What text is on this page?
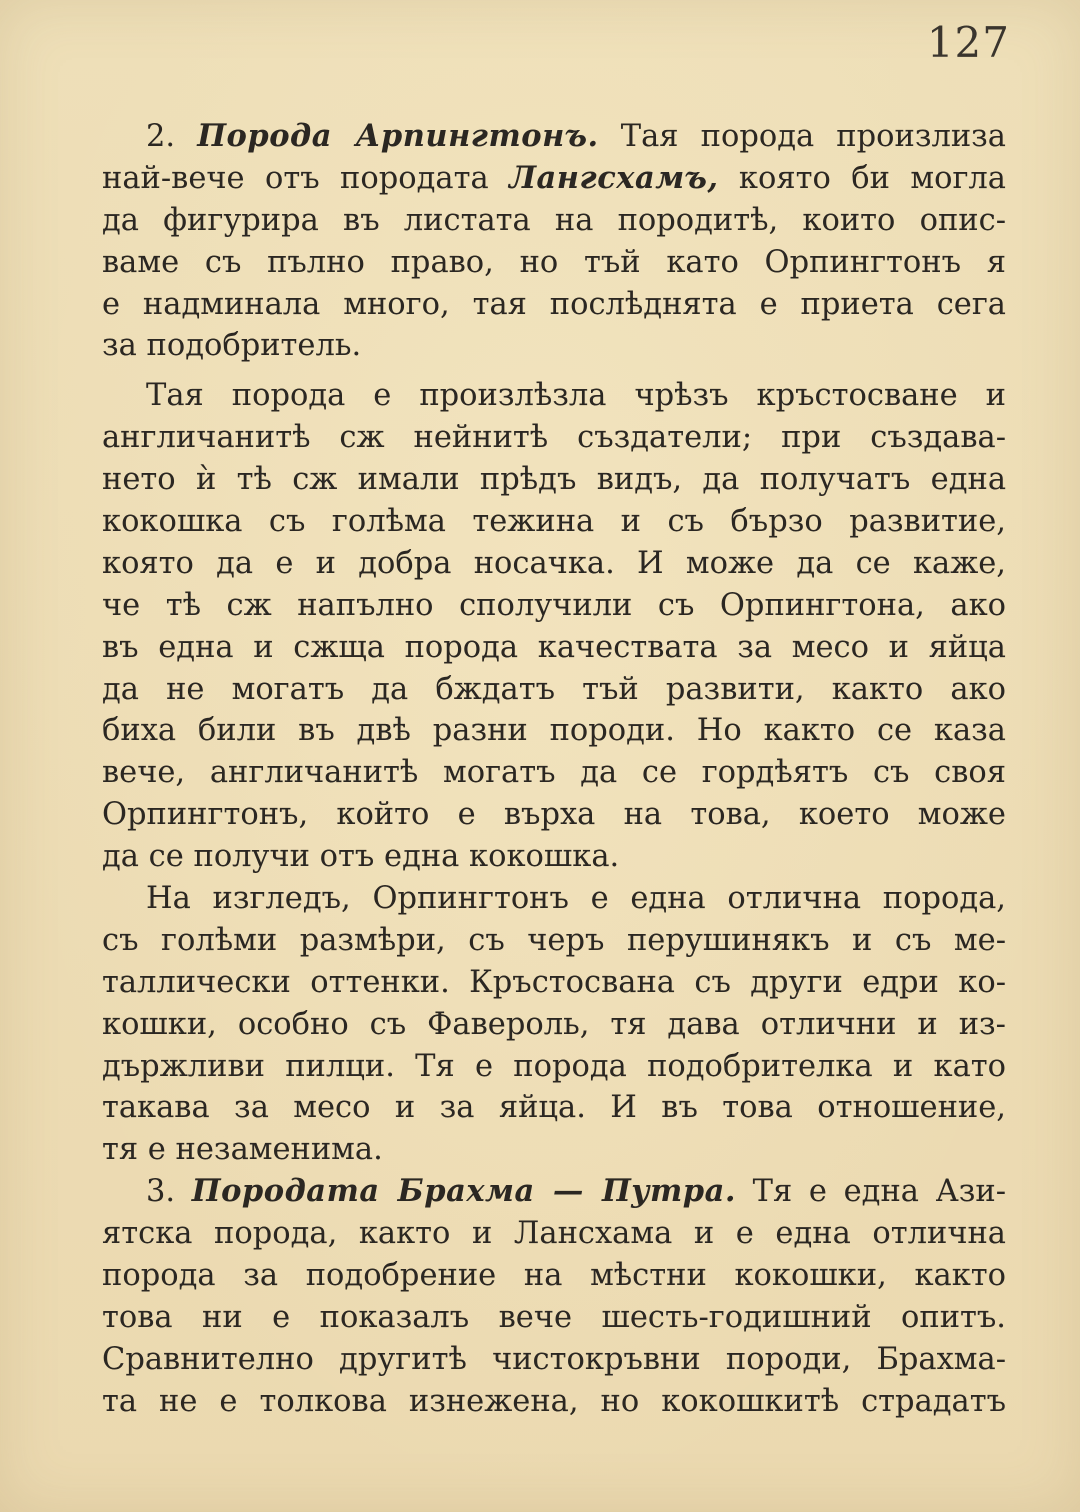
127
2. Порода Арпингтонъ. Тая порода произлиза
най-вече отъ породата Лангсхамъ, която би могла
да фигурира въ листата на породитѣ, които опис-
ваме съ пълно право, но тъй като Орпингтонъ я
е надминала много, тая послѣднята е приета сега
за подобритель.
Тая порода е произлѣзла чрѣзъ кръстосване и
англичанитѣ сж нейнитѣ създатели; при създава-
нето ѝ тѣ сж имали прѣдъ видъ, да получатъ една
кокошка съ голѣма тежина и съ бързо развитие,
която да е и добра носачка. И може да се каже,
че тѣ сж напълно сполучили съ Орпингтона, ако
въ една и сжща порода качествата за месо и яйца
да не могатъ да бждатъ тъй развити, както ако
биха били въ двѣ разни породи. Но както се каза
вече, англичанитѣ могатъ да се гордѣятъ съ своя
Орпингтонъ, който е върха на това, което може
да се получи отъ една кокошка.
На изгледъ, Орпингтонъ е една отлична порода,
съ голѣми размѣри, съ черъ перушинякъ и съ ме-
таллически оттенки. Кръстосвана съ други едри ко-
кошки, особно съ Фавероль, тя дава отлични и из-
държливи пилци. Тя е порода подобрителка и като
такава за месо и за яйца. И въ това отношение,
тя е незаменима.
3. Породата Брахма — Путра. Тя е една Ази-
ятска порода, както и Лансхама и е една отлична
порода за подобрение на мѣстни кокошки, както
това ни е показалъ вече шесть-годишний опитъ.
Сравнително другитѣ чистокръвни породи, Брахма-
та не е толкова изнежена, но кокошкитѣ страдатъ
